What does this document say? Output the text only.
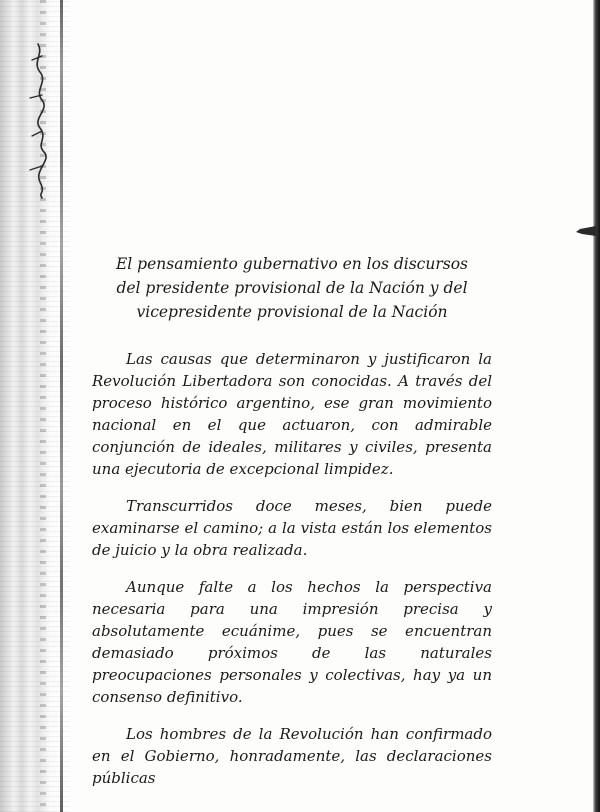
El pensamiento gubernativo en los discursos
del presidente provisional de la Nación y del
vicepresidente provisional de la Nación

Las causas que determinaron y justificaron la Revolución Libertadora son conocidas. A través del proceso histórico argentino, ese gran movimiento nacional en el que actuaron, con admirable conjunción de ideales, militares y civiles, presenta una ejecutoria de excepcional limpidez.

Transcurridos doce meses, bien puede examinarse el camino; a la vista están los elementos de juicio y la obra realizada.

Aunque falte a los hechos la perspectiva necesaria para una impresión precisa y absolutamente ecuánime, pues se encuentran demasiado próximos de las naturales preocupaciones personales y colectivas, hay ya un consenso definitivo.

Los hombres de la Revolución han confirmado en el Gobierno, honradamente, las declaraciones públicas
